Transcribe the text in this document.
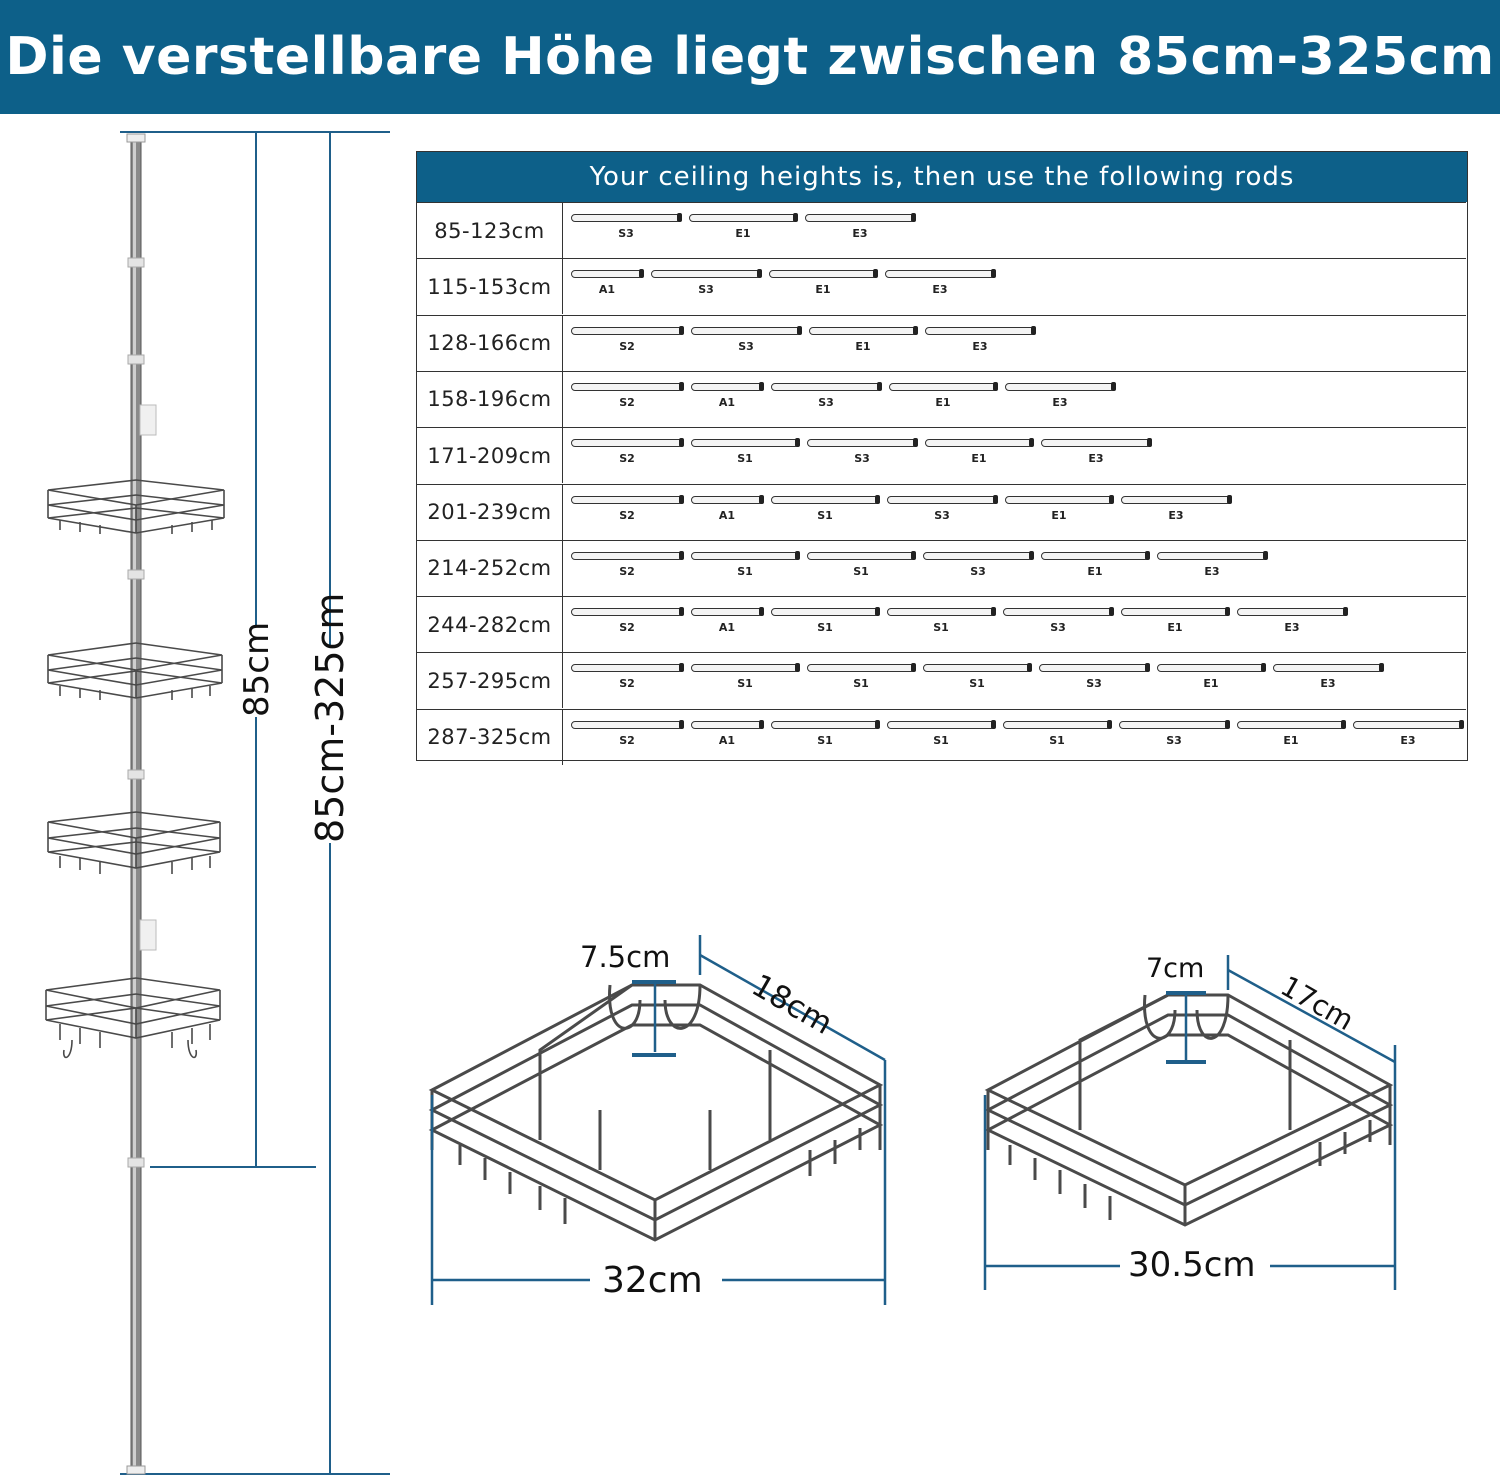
Die verstellbare Höhe liegt zwischen 85cm-325cm
85cm 85cm-325cm
Your ceiling heights is, then use the following rods
85-123cm	S3	E1	E3
115-153cm	A1	S3	E1	E3
128-166cm	S2	S3	E1	E3
158-196cm	S2	A1	S3	E1	E3
171-209cm	S2	S1	S3	E1	E3
201-239cm	S2	A1	S1	S3	E1	E3
214-252cm	S2	S1	S1	S3	E1	E3
244-282cm	S2	A1	S1	S1	S3	E1	E3
257-295cm	S2	S1	S1	S1	S3	E1	E3
287-325cm	S2	A1	S1	S1	S1	S3	E1	E3
7.5cm
18cm
32cm
7cm
17cm
30.5cm
